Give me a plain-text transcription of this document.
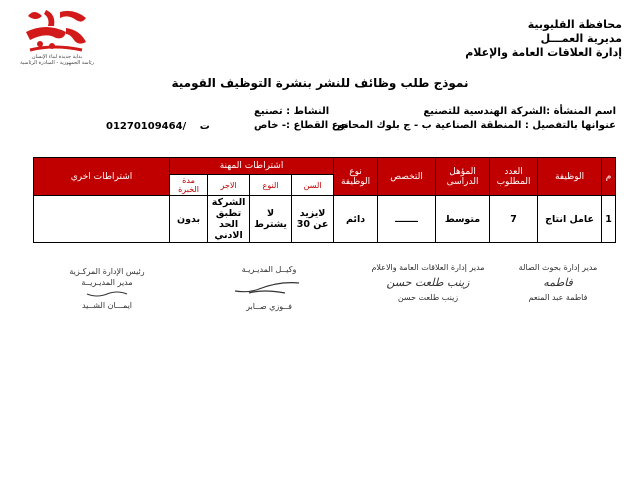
بداية جديدة لبناء الإنسان
رئاسة الجمهورية - المبادرة الرئاسية
محافظة القليوبية
مديرية العمـــل
إدارة العلاقات العامة والإعلام
نموذج طلب وظائف للنشر بنشرة التوظيف القومية
اسم المنشأة :الشركة الهندسية للتصنيع
عنوانها بالتفصيل : المنطقة الصناعية ب - ج بلوك المحاجر
النشاط : تصنيع
نوع القطاع :- خاص
01270109464/ ت
م	الوظيفة	العدد المطلوب	المؤهل الدراسى	التخصص	نوع الوظيفة	اشتراطات المهنة				اشتراطات اخري
						السن	النوع	الاجر	مدة الخبرة	
1	عامل انتاج	7	متوسط	ـــــــ	دائم	لايزيد عن 30	لا يشترط	الشركة تطبق الحد الادني	بدون	
مدير إدارة بحوث الصالة
فاطمه
فاطمة عبد المنعم
مدير إدارة العلاقات العامة والاعلام
زينب طلعت حسن
زينب طلعت حسن
وكيــل المديـريـة
فــوزي صــابر
رئيس الإدارة المركـزية
مدير المديـريــة
ايمـــان الشــيد
